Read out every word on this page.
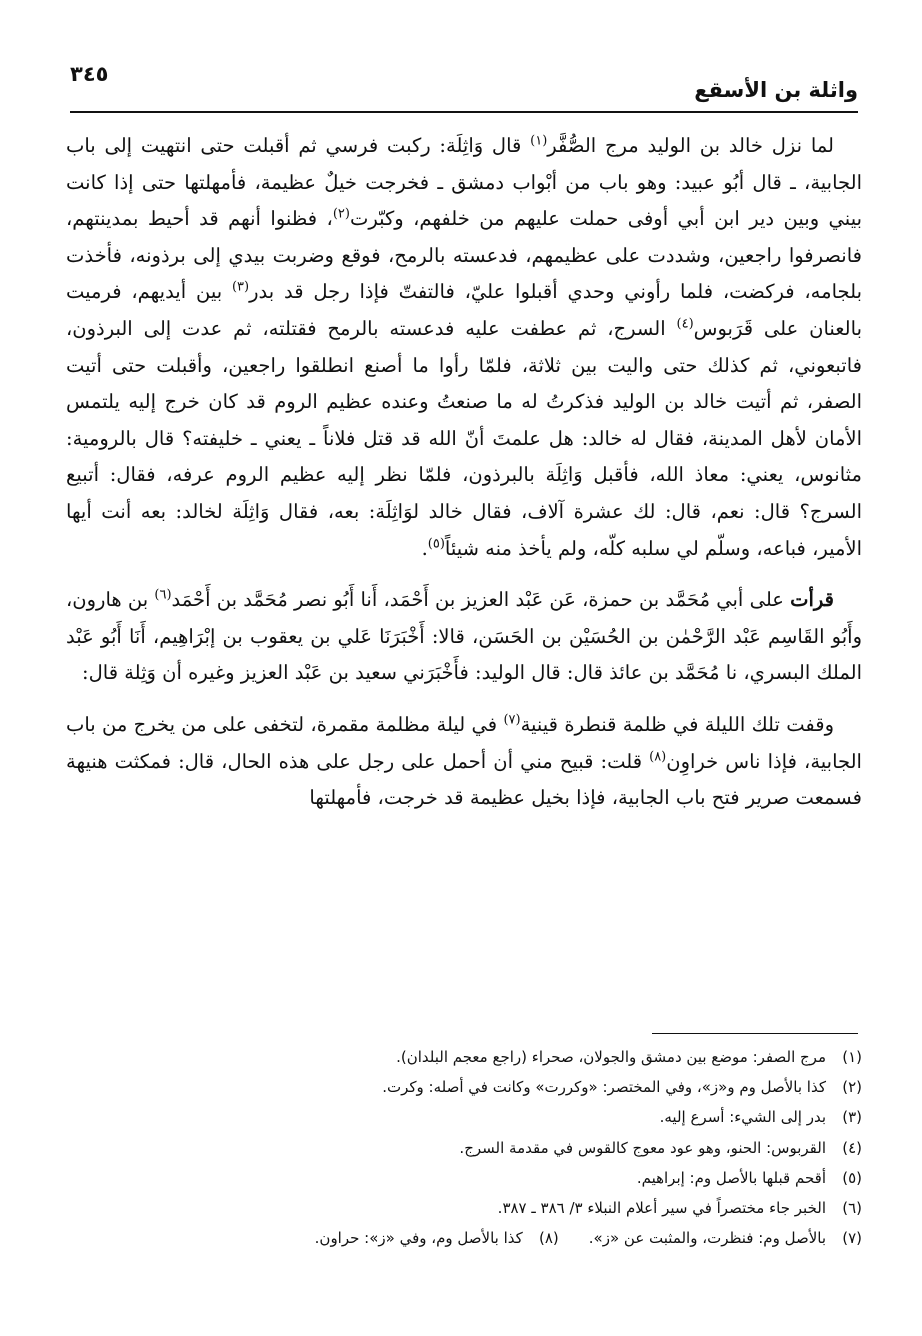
واثلة بن الأسقع
٣٤٥

لما نزل خالد بن الوليد مرج الصُّفَّر$^{(١)}$ قال وَاثِلَة: ركبت فرسي ثم أقبلت حتى انتهيت إلى باب الجابية، ـ قال أبُو عبيد: وهو باب من أبْواب دمشق ـ فخرجت خيلٌ عظيمة، فأمهلتها حتى إذا كانت بيني وبين دير ابن أبي أوفى حملت عليهم من خلفهم، وكبّرت$^{(٢)}$، فظنوا أنهم قد أحيط بمدينتهم، فانصرفوا راجعين، وشددت على عظيمهم، فدعسته بالرمح، فوقع وضربت بيدي إلى برذونه، فأخذت بلجامه، فركضت، فلما رأوني وحدي أقبلوا عليّ، فالتفتّ فإذا رجل قد بدر$^{(٣)}$ بين أيديهم، فرميت بالعنان على قَرَبوس$^{(٤)}$ السرج، ثم عطفت عليه فدعسته بالرمح فقتلته، ثم عدت إلى البرذون، فاتبعوني، ثم كذلك حتى واليت بين ثلاثة، فلمّا رأوا ما أصنع انطلقوا راجعين، وأقبلت حتى أتيت الصفر، ثم أتيت خالد بن الوليد فذكرتُ له ما صنعتُ وعنده عظيم الروم قد كان خرج إليه يلتمس الأمان لأهل المدينة، فقال له خالد: هل علمتَ أنّ الله قد قتل فلاناً ـ يعني ـ خليفته؟ قال بالرومية: مثانوس، يعني: معاذ الله، فأقبل وَاثِلَة بالبرذون، فلمّا نظر إليه عظيم الروم عرفه، فقال: أتبيع السرج؟ قال: نعم، قال: لك عشرة آلاف، فقال خالد لوَاثِلَة: بعه، فقال وَاثِلَة لخالد: بعه أنت أيها الأمير، فباعه، وسلّم لي سلبه كلّه، ولم يأخذ منه شيئاً$^{(٥)}$.

قرأت على أبي مُحَمَّد بن حمزة، عَن عَبْد العزيز بن أَحْمَد، أَنا أَبُو نصر مُحَمَّد بن أَحْمَد$^{(٦)}$ بن هارون، وأَبُو القَاسِم عَبْد الرَّحْمٰن بن الحُسَيْن بن الحَسَن، قالا: أَخْبَرَنَا عَلي بن يعقوب بن إبْرَاهِيم، أَنَا أَبُو عَبْد الملك البسري، نا مُحَمَّد بن عائذ قال: قال الوليد: فأَخْبَرَني سعيد بن عَبْد العزيز وغيره أن وَثِلة قال:

وقفت تلك الليلة في ظلمة قنطرة قينية$^{(٧)}$ في ليلة مظلمة مقمرة، لتخفى على من يخرج من باب الجابية، فإذا ناس خراوِن$^{(٨)}$ قلت: قبيح مني أن أحمل على رجل على هذه الحال، قال: فمكثت هنيهة فسمعت صرير فتح باب الجابية، فإذا بخيل عظيمة قد خرجت، فأمهلتها

(١)
مرج الصفر: موضع بين دمشق والجولان، صحراء (راجع معجم البلدان).
(٢)
كذا بالأصل وم و«ز»، وفي المختصر: «وكررت» وكانت في أصله: وكرت.
(٣)
بدر إلى الشيء: أسرع إليه.
(٤)
القربوس: الحنو، وهو عود معوج كالقوس في مقدمة السرج.
(٥)
أقحم قبلها بالأصل وم: إبراهيم.
(٦)
الخبر جاء مختصراً في سير أعلام النبلاء ٣/ ٣٨٦ ـ ٣٨٧.
(٧)
بالأصل وم: فنظرت، والمثبت عن «ز».
(٨)
كذا بالأصل وم، وفي «ز»: حراون.
